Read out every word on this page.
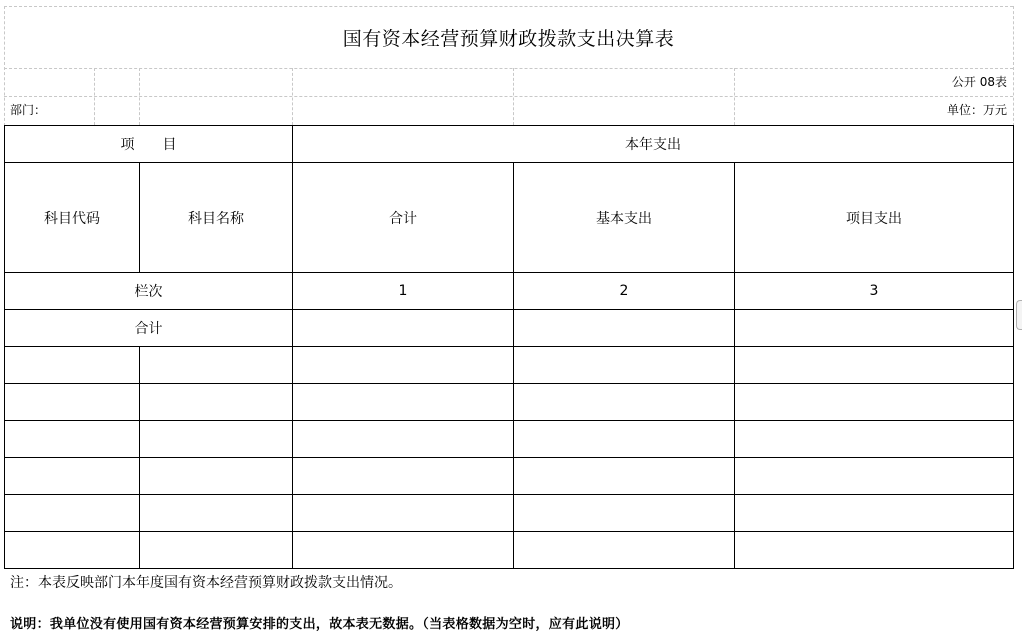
国有资本经营预算财政拨款支出决算表
公开 08表
部门：	单位：万元
项　　目		本年支出		
科目代码	科目名称	合计	基本支出	项目支出
栏次		1	2	3
合计				

注：本表反映部门本年度国有资本经营预算财政拨款支出情况。
说明：我单位没有使用国有资本经营预算安排的支出，故本表无数据。（当表格数据为空时，应有此说明）
